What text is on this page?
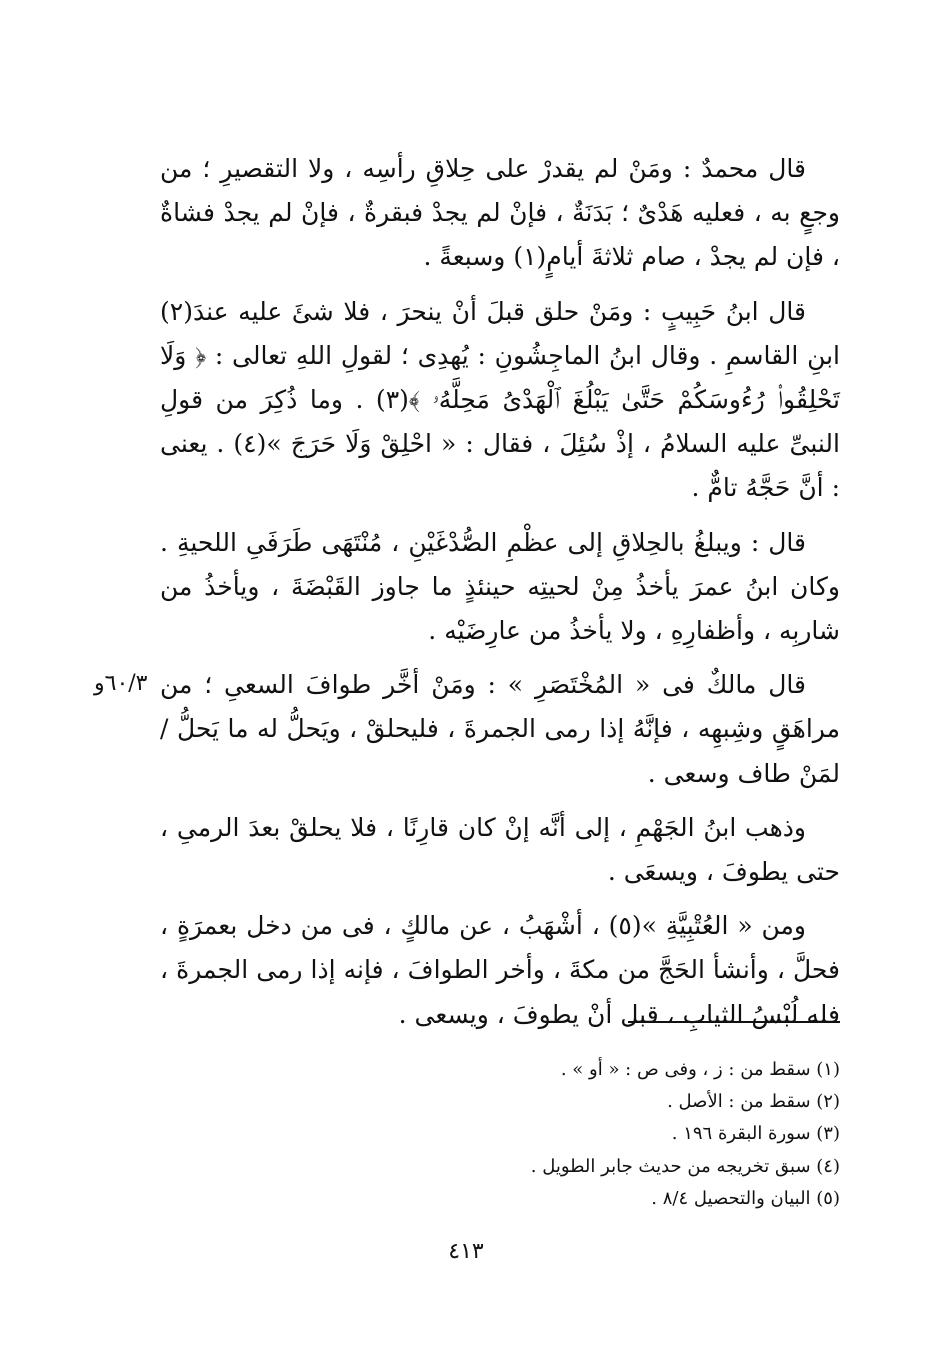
قال محمدٌ : ومَنْ لم يقدرْ على حِلاقِ رأسِه ، ولا التقصيرِ ؛ من وجعٍ به ، فعليه هَدْىٌ ؛ بَدَنَةٌ ، فإنْ لم يجدْ فبقرةٌ ، فإنْ لم يجدْ فشاةٌ ، فإن لم يجدْ ، صام ثلاثةَ أيامٍ(١) وسبعةً .

قال ابنُ حَبِيبٍ : ومَنْ حلق قبلَ أنْ ينحرَ ، فلا شئَ عليه عندَ(٢) ابنِ القاسمِ . وقال ابنُ الماجِشُونِ : يُهدِى ؛ لقولِ اللهِ تعالى : ﴿ وَلَا تَحْلِقُوا۟ رُءُوسَكُمْ حَتَّىٰ يَبْلُغَ ٱلْهَدْىُ مَحِلَّهُۥ ﴾(٣) . وما ذُكِرَ من قولِ النبىِّ عليه السلامُ ، إذْ سُئِلَ ، فقال : « احْلِقْ وَلَا حَرَجَ »(٤) . يعنى : أنَّ حَجَّهُ تامٌّ .

قال : ويبلغُ بالحِلاقِ إلى عظْمِ الصُّدْغَيْنِ ، مُنْتَهَى طَرَفَىِ اللحيةِ . وكان ابنُ عمرَ يأخذُ مِنْ لحيتِه حينئذٍ ما جاوز القَبْضَةَ ، ويأخذُ من شاربِه ، وأظفارِهِ ، ولا يأخذُ من عارِضَيْه .

قال مالكٌ فى « المُخْتَصَرِ » : ومَنْ أخَّر طوافَ السعىِ ؛ من مراهَقٍ وشِبهِه ، فإنَّهُ إذا رمى الجمرةَ ، فليحلقْ ، ويَحلُّ له ما يَحلُّ / لمَنْ طاف وسعى .

وذهب ابنُ الجَهْمِ ، إلى أنَّه إنْ كان قارِنًا ، فلا يحلقْ بعدَ الرمىِ ، حتى يطوفَ ، ويسعَى .

ومن « العُتْبِيَّةِ »(٥) ، أشْهَبُ ، عن مالكٍ ، فى من دخل بعمرَةٍ ، فحلَّ ، وأنشأ الحَجَّ من مكةَ ، وأخر الطوافَ ، فإنه إذا رمى الجمرةَ ، فله لُبْسُ الثيابِ ، قبل أنْ يطوفَ ، ويسعى .

٦٠/٣و

(١) سقط من : ز ، وفى ص : « أو » .

(٢) سقط من : الأصل .

(٣) سورة البقرة ١٩٦ .

(٤) سبق تخريجه من حديث جابر الطويل .

(٥) البيان والتحصيل ٨/٤ .

٤١٣
